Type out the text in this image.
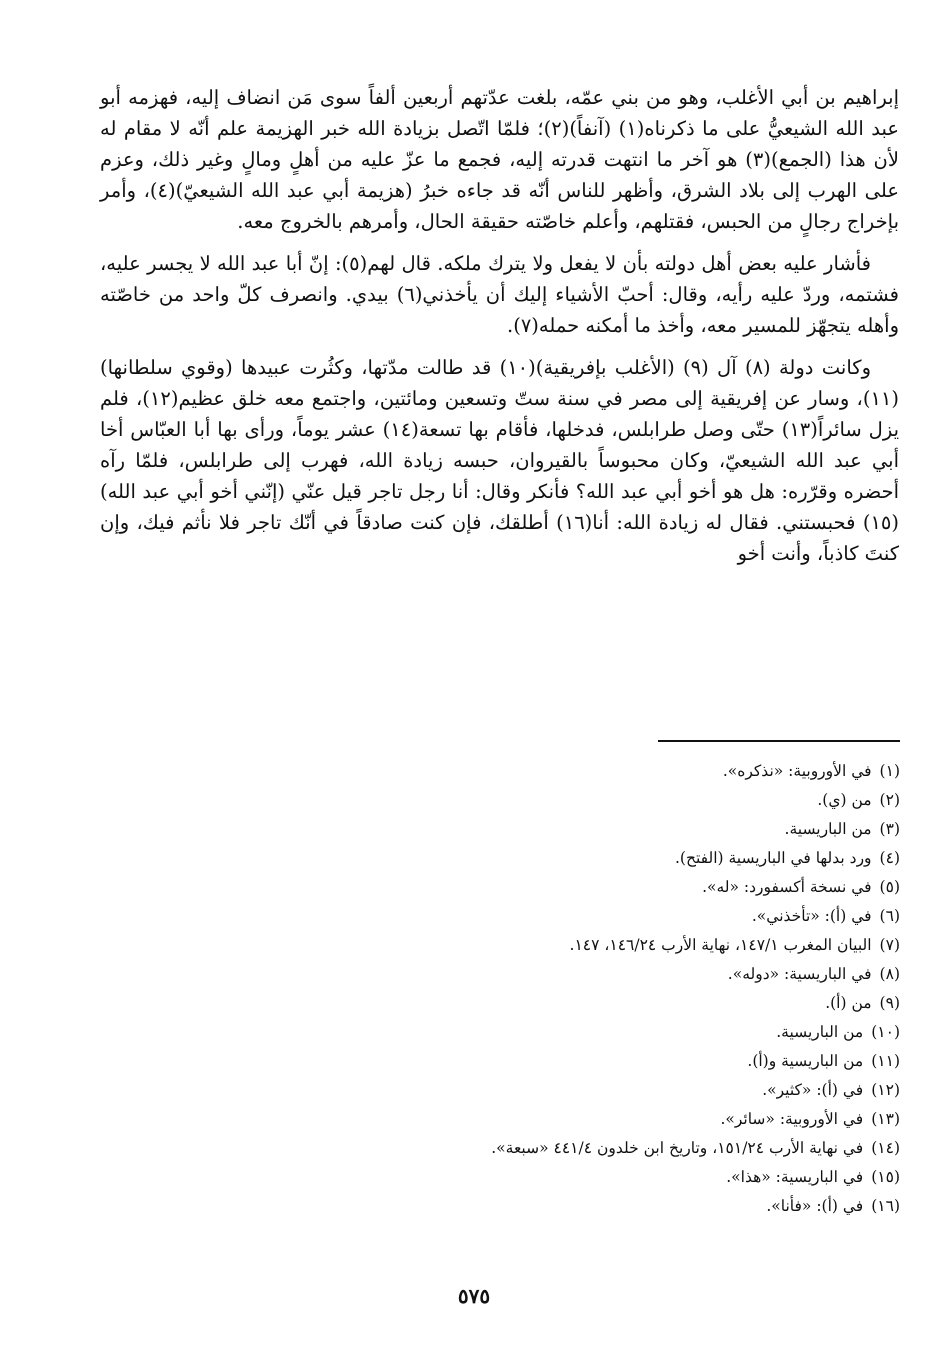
إبراهيم بن أبي الأغلب، وهو من بني عمّه، بلغت عدّتهم أربعين ألفاً سوى مَن انضاف إليه، فهزمه أبو عبد الله الشيعيُّ على ما ذكرناه(١) (آنفاً)(٢)؛ فلمّا اتّصل بزيادة الله خبر الهزيمة علم أنّه لا مقام له لأن هذا (الجمع)(٣) هو آخر ما انتهت قدرته إليه، فجمع ما عزّ عليه من أهلٍ ومالٍ وغير ذلك، وعزم على الهرب إلى بلاد الشرق، وأظهر للناس أنّه قد جاءه خبرُ (هزيمة أبي عبد الله الشيعيّ)(٤)، وأمر بإخراج رجالٍ من الحبس، فقتلهم، وأعلم خاصّته حقيقة الحال، وأمرهم بالخروج معه.

فأشار عليه بعض أهل دولته بأن لا يفعل ولا يترك ملكه. قال لهم(٥): إنّ أبا عبد الله لا يجسر عليه، فشتمه، وردّ عليه رأيه، وقال: أحبّ الأشياء إليك أن يأخذني(٦) بيدي. وانصرف كلّ واحد من خاصّته وأهله يتجهّز للمسير معه، وأخذ ما أمكنه حمله(٧).

وكانت دولة (٨) آل (٩) (الأغلب بإفريقية)(١٠) قد طالت مدّتها، وكثُرت عبيدها (وقوي سلطانها)(١١)، وسار عن إفريقية إلى مصر في سنة ستّ وتسعين ومائتين، واجتمع معه خلق عظيم(١٢)، فلم يزل سائراً(١٣) حتّى وصل طرابلس، فدخلها، فأقام بها تسعة(١٤) عشر يوماً، ورأى بها أبا العبّاس أخا أبي عبد الله الشيعيّ، وكان محبوساً بالقيروان، حبسه زيادة الله، فهرب إلى طرابلس، فلمّا رآه أحضره وقرّره: هل هو أخو أبي عبد الله؟ فأنكر وقال: أنا رجل تاجر قيل عنّي (إنّني أخو أبي عبد الله)(١٥) فحبستني. فقال له زيادة الله: أنا(١٦) أطلقك، فإن كنت صادقاً في أنّك تاجر فلا نأثم فيك، وإن كنتَ كاذباً، وأنت أخو

(١)في الأوروبية: «نذكره».
(٢)من (ي).
(٣)من الباريسية.
(٤)ورد بدلها في الباريسية (الفتح).
(٥)في نسخة أكسفورد: «له».
(٦)في (أ): «تأخذني».
(٧)البيان المغرب ١٤٧/١، نهاية الأرب ١٤٦/٢٤، ١٤٧.
(٨)في الباريسية: «دوله».
(٩)من (أ).
(١٠)من الباريسية.
(١١)من الباريسية و(أ).
(١٢)في (أ): «كثير».
(١٣)في الأوروبية: «سائر».
(١٤)في نهاية الأرب ١٥١/٢٤، وتاريخ ابن خلدون ٤٤١/٤ «سبعة».
(١٥)في الباريسية: «هذا».
(١٦)في (أ): «فأنا».
٥٧٥
